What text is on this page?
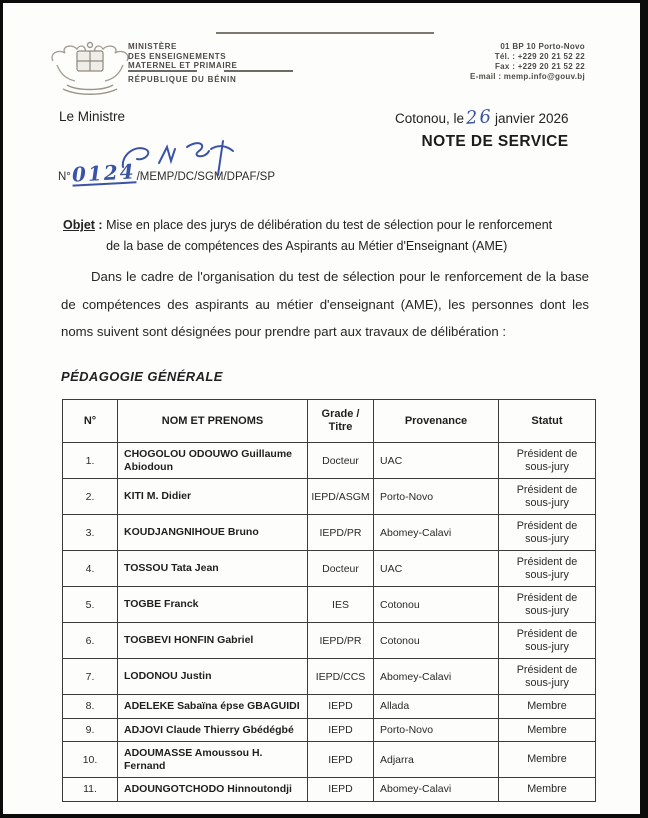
MINISTÈRE
DES ENSEIGNEMENTS
MATERNEL ET PRIMAIRE
RÉPUBLIQUE DU BÉNIN
01 BP 10 Porto-Novo
Tél. : +229 20 21 52 22
Fax : +229 20 21 52 22
E-mail : memp.info@gouv.bj
Le Ministre	Cotonou, le26janvier 2026
NOTE DE SERVICE
N° 0124 /MEMP/DC/SGM/DPAF/SP
Objet : Mise en place des jurys de délibération du test de sélection pour le renforcement de la base de compétences des Aspirants au Métier d'Enseignant (AME)
Dans le cadre de l'organisation du test de sélection pour le renforcement de la base de compétences des aspirants au métier d'enseignant (AME), les personnes dont les noms suivent sont désignées pour prendre part aux travaux de délibération :
PÉDAGOGIE GÉNÉRALE
N°	NOM ET PRENOMS	Grade / Titre	Provenance	Statut
1.	CHOGOLOU ODOUWO Guillaume Abiodoun	Docteur	UAC	Président de sous-jury
2.	KITI M. Didier	IEPD/ASGM	Porto-Novo	Président de sous-jury
3.	KOUDJANGNIHOUE Bruno	IEPD/PR	Abomey-Calavi	Président de sous-jury
4.	TOSSOU Tata Jean	Docteur	UAC	Président de sous-jury
5.	TOGBE Franck	IES	Cotonou	Président de sous-jury
6.	TOGBEVI HONFIN Gabriel	IEPD/PR	Cotonou	Président de sous-jury
7.	LODONOU Justin	IEPD/CCS	Abomey-Calavi	Président de sous-jury
8.	ADELEKE Sabaïna épse GBAGUIDI	IEPD	Allada	Membre
9.	ADJOVI Claude Thierry Gbédégbé	IEPD	Porto-Novo	Membre
10.	ADOUMASSE Amoussou H. Fernand	IEPD	Adjarra	Membre
11.	ADOUNGOTCHODO Hinnoutondji	IEPD	Abomey-Calavi	Membre
